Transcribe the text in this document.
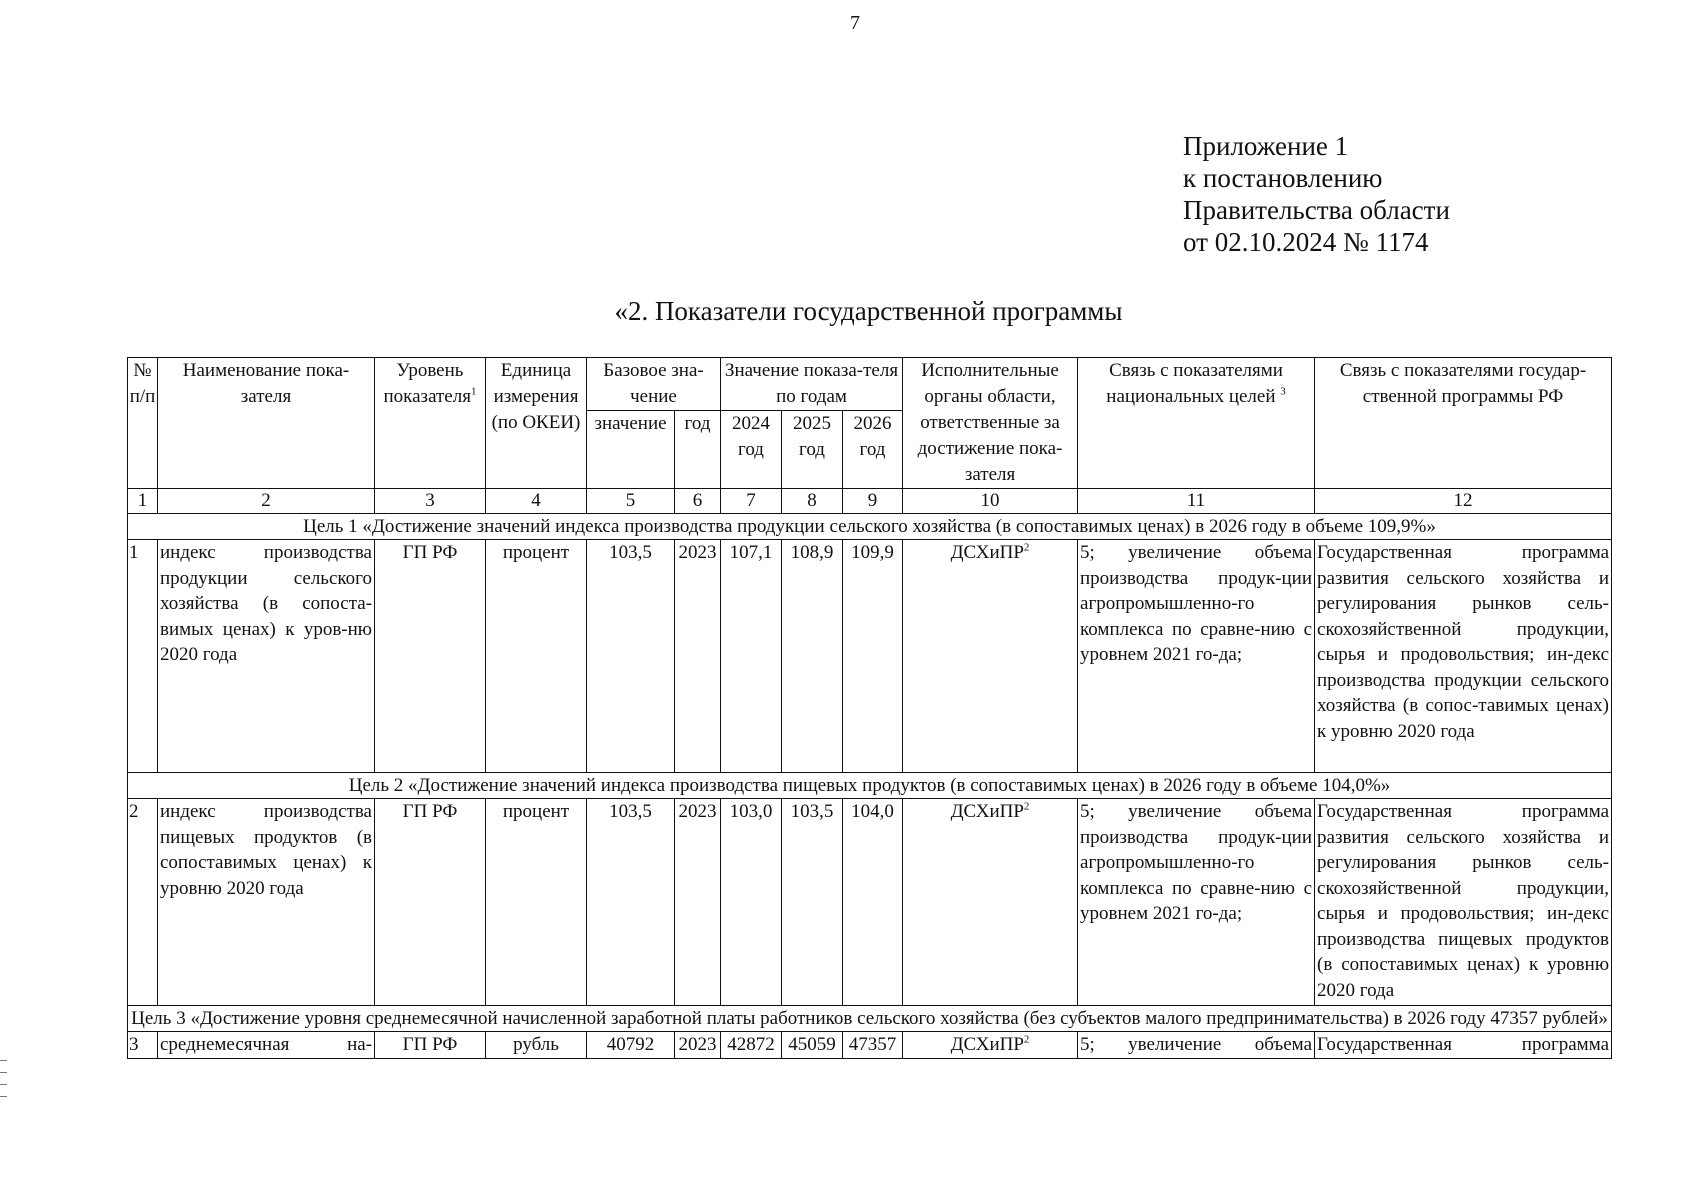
7
Приложение 1
к постановлению
Правительства области
от 02.10.2024 № 1174
«2. Показатели государственной программы
№ п/п	Наименование пока-зателя	Уровень показателя$^1$	Единица измерения (по ОКЕИ)	Базовое зна-чение		Значение показа-теля по годам			Исполнительные органы области, ответственные за достижение пока-зателя	Связь с показателями национальных целей $^3$	Связь с показателями государ-ственной программы РФ
				значение	год	2024 год	2025 год	2026 год			
1	2	3	4	5	6	7	8	9	10	11	12
Цель 1 «Достижение значений индекса производства продукции сельского хозяйства (в сопоставимых ценах) в 2026 году в объеме 109,9%»											
1	индекс производства продукции сельского хозяйства (в сопоста-вимых ценах) к уров-ню 2020 года	ГП РФ	процент	103,5	2023	107,1	108,9	109,9	ДСХиПР$^2$	5; увеличение объема производства продук-ции агропромышленно-го комплекса по сравне-нию с уровнем 2021 го-да;	Государственная программа развития сельского хозяйства и регулирования рынков сель-скохозяйственной продукции, сырья и продовольствия; ин-декс производства продукции сельского хозяйства (в сопос-тавимых ценах) к уровню 2020 года
Цель 2 «Достижение значений индекса производства пищевых продуктов (в сопоставимых ценах) в 2026 году в объеме 104,0%»											
2	индекс производства пищевых продуктов (в сопоставимых ценах) к уровню 2020 года	ГП РФ	процент	103,5	2023	103,0	103,5	104,0	ДСХиПР$^2$	5; увеличение объема производства продук-ции агропромышленно-го комплекса по сравне-нию с уровнем 2021 го-да;	Государственная программа развития сельского хозяйства и регулирования рынков сель-скохозяйственной продукции, сырья и продовольствия; ин-декс производства пищевых продуктов (в сопоставимых ценах) к уровню 2020 года
Цель 3 «Достижение уровня среднемесячной начисленной заработной платы работников сельского хозяйства (без субъектов малого предпринимательства) в 2026 году 47357 рублей»											
3	среднемесячная на-	ГП РФ	рубль	40792	2023	42872	45059	47357	ДСХиПР$^2$	5; увеличение объема	Государственная программа
